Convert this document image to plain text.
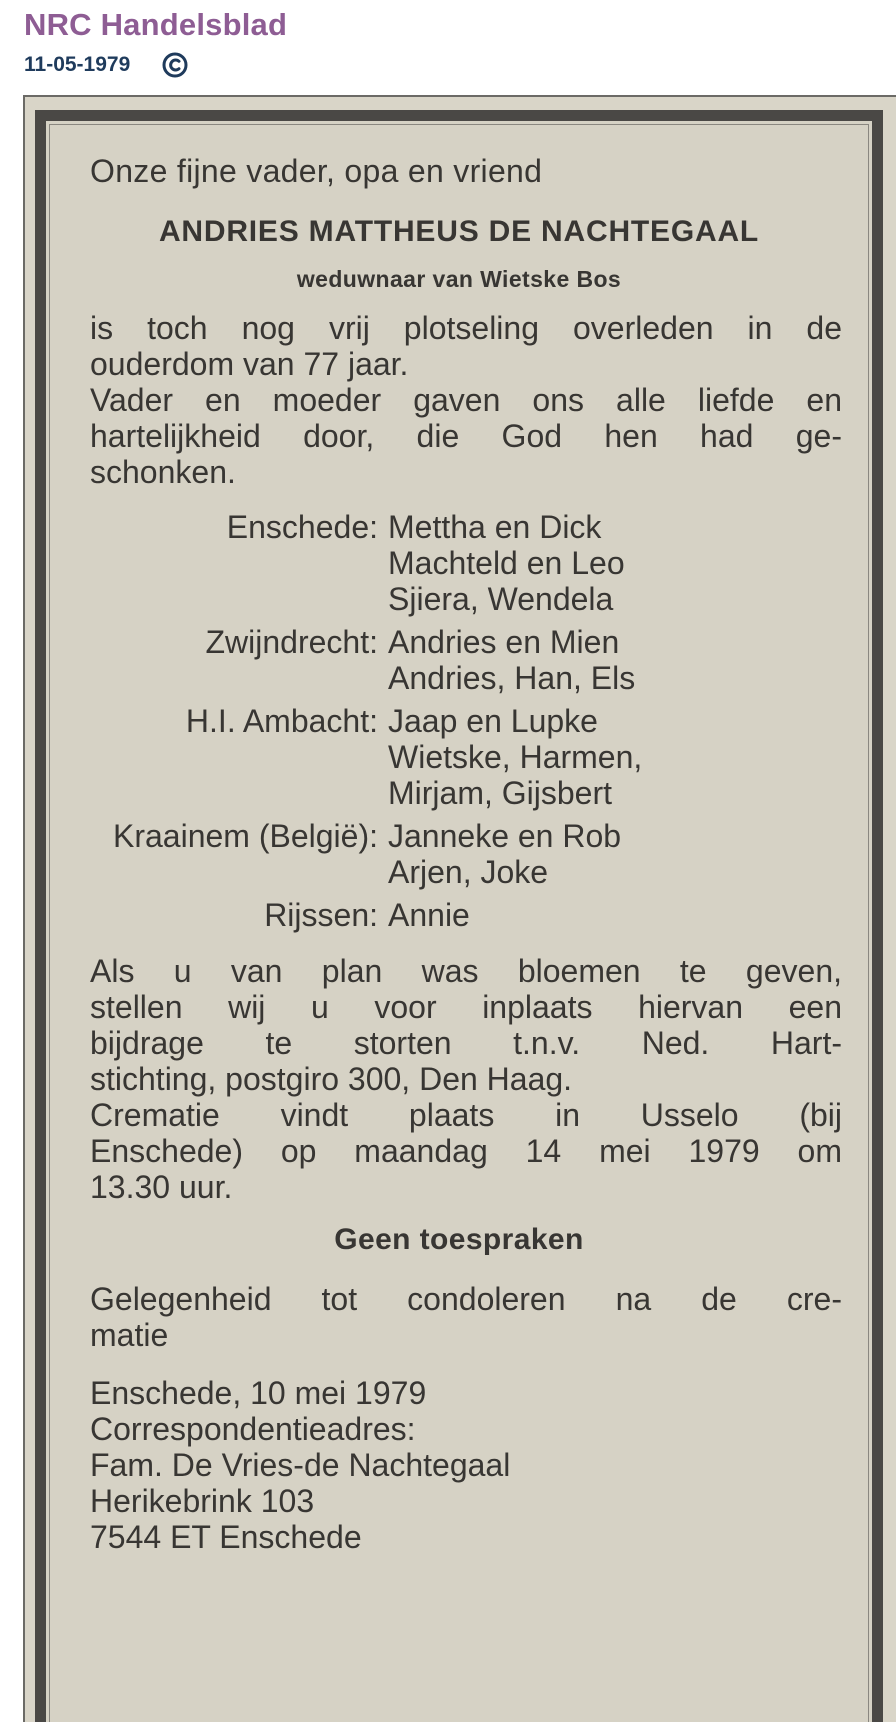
NRC Handelsblad
11-05-1979
Onze fijne vader, opa en vriend
ANDRIES MATTHEUS DE NACHTEGAAL
weduwnaar van Wietske Bos
is toch nog vrij plotseling overleden in de
ouderdom van 77 jaar.
Vader en moeder gaven ons alle liefde en
hartelijkheid door, die God hen had ge-
schonken.
Enschede: Mettha en Dick
Machteld en Leo
Sjiera, Wendela
Zwijndrecht: Andries en Mien
Andries, Han, Els
H.I. Ambacht: Jaap en Lupke
Wietske, Harmen,
Mirjam, Gijsbert
Kraainem (België): Janneke en Rob
Arjen, Joke
Rijssen: Annie
Als u van plan was bloemen te geven,
stellen wij u voor inplaats hiervan een
bijdrage te storten t.n.v. Ned. Hart-
stichting, postgiro 300, Den Haag.
Crematie vindt plaats in Usselo (bij
Enschede) op maandag 14 mei 1979 om
13.30 uur.
Geen toespraken
Gelegenheid tot condoleren na de cre-
matie
Enschede, 10 mei 1979
Correspondentieadres:
Fam. De Vries-de Nachtegaal
Herikebrink 103
7544 ET Enschede
